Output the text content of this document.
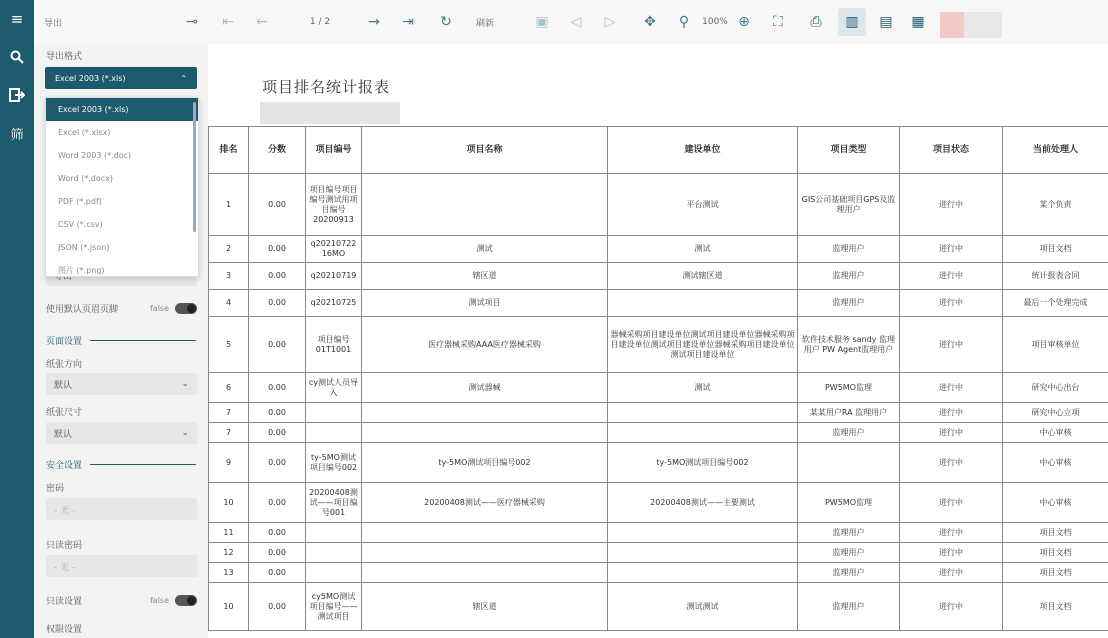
≡
筛
导出	⊸	⇤	←	1 / 2	→	⇥	↻	刷新	▣	◁	▷	✥	⚲	100% ⊕	⛶	⎙	▥	▤	▦
导出格式
Excel 2003 (*.xls)	⌃
使用默认页眉页脚	false
页面设置
纸张方向
默认	⌄
纸张尺寸
默认	⌄
安全设置
密码
- 无 -
只读密码
- 无 -
只读设置	false
权限设置
Excel 2003 (*.xls)
Excel (*.xlsx)
Word 2003 (*.doc)
Word (*.docx)
PDF (*.pdf)
CSV (*.csv)
JSON (*.json)
图片 (*.png)
项目排名统计报表
排名	分数	项目编号	项目名称	建设单位	项目类型	项目状态	当前处理人
1	0.00	项目编号项目编号测试用项目编号20200913		平台测试	GIS公司基础项目GPS及监理用户	进行中	某个负责
2	0.00	q20210722 16MO	测试	测试	监理用户	进行中	项目文档
3	0.00	q20210719	辖区道	测试辖区道	监理用户	进行中	统计报表合同
4	0.00	q20210725	测试项目		监理用户	进行中	最后一个处理完成
5	0.00	项目编号 01T1001	医疗器械采购AAA医疗器械采购	器械采购项目建设单位测试项目建设单位器械采购项目建设单位测试项目建设单位器械采购项目建设单位测试项目建设单位	软件技术服务 sandy 监理用户 PW Agent监理用户	进行中	项目审核单位
6	0.00	cy测试人员导入	测试器械	测试	PW5MO监理	进行中	研究中心出台
7	0.00				某某用户RA 监理用户	进行中	研究中心立项
7	0.00				监理用户	进行中	中心审核
9	0.00	ty-5MO测试项目编号002	ty-5MO测试项目编号002	ty-5MO测试项目编号002		进行中	中心审核
10	0.00	20200408测试——项目编号001	20200408测试——医疗器械采购	20200408测试——主要测试	PW5MO监理	进行中	中心审核
11	0.00				监理用户	进行中	项目文档
12	0.00				监理用户	进行中	项目文档
13	0.00				监理用户	进行中	项目文档
10	0.00	cy5MO测试项目编号——测试项目	辖区道	测试测试	监理用户	进行中	项目文档
